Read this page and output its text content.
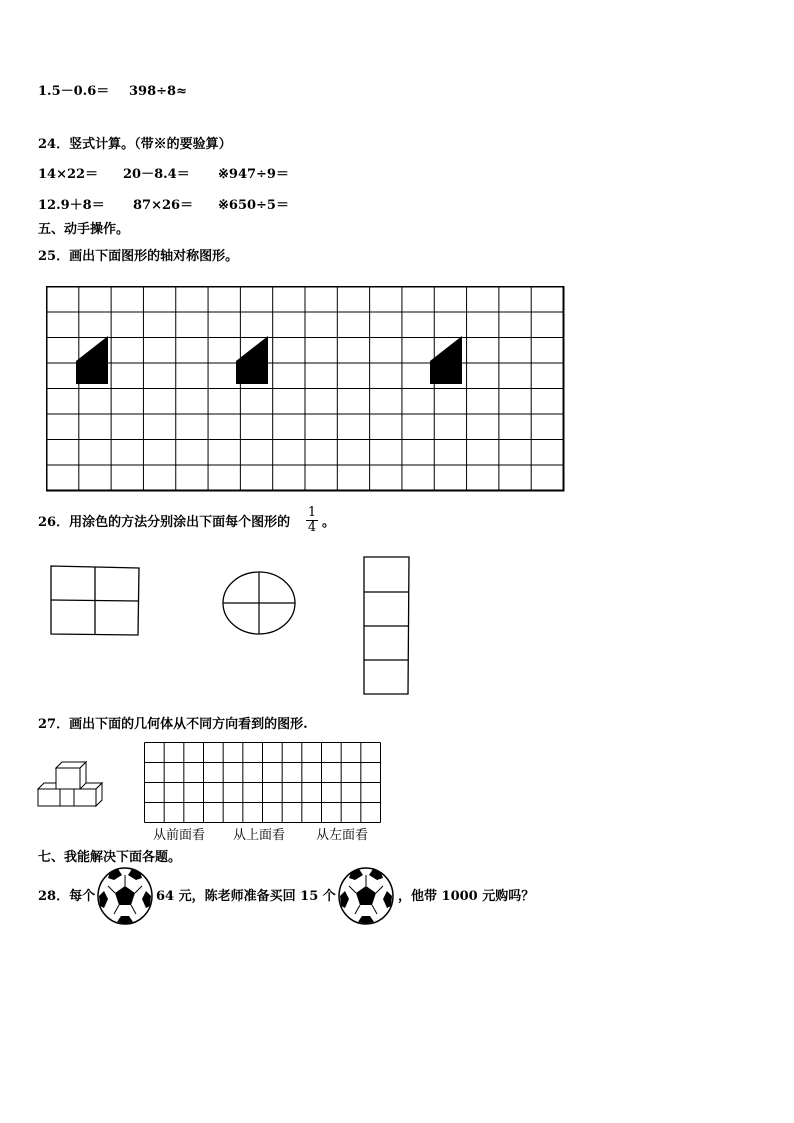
1.5－0.6＝ 398÷8≈
24．竖式计算。（带※的要验算）
14×22＝ 20－8.4＝ ※947÷9＝
12.9＋8＝ 87×26＝ ※650÷5＝
五、动手操作。
25．画出下面图形的轴对称图形。
26．用涂色的方法分别涂出下面每个图形的 $\frac{1}{4}$ 。
27．画出下面的几何体从不同方向看到的图形.
从前面看 从上面看 从左面看
七、我能解决下面各题。
28．每个	64 元，陈老师准备买回 15 个	，他带 1000 元购吗？
